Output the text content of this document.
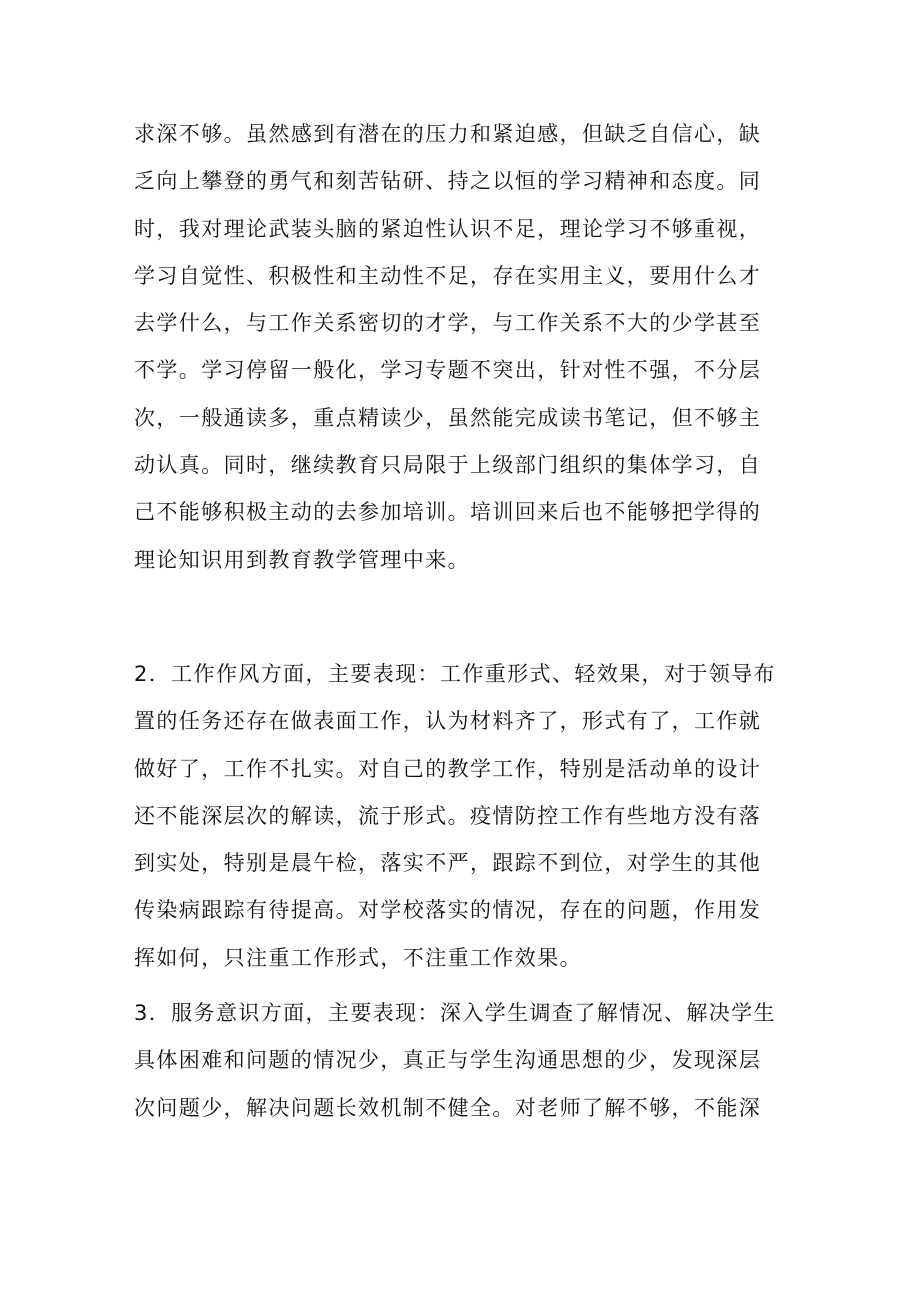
求深不够。虽然感到有潜在的压力和紧迫感，但缺乏自信心，缺
乏向上攀登的勇气和刻苦钻研、持之以恒的学习精神和态度。同
时，我对理论武装头脑的紧迫性认识不足，理论学习不够重视，
学习自觉性、积极性和主动性不足，存在实用主义，要用什么才
去学什么，与工作关系密切的才学，与工作关系不大的少学甚至
不学。学习停留一般化，学习专题不突出，针对性不强，不分层
次，一般通读多，重点精读少，虽然能完成读书笔记，但不够主
动认真。同时，继续教育只局限于上级部门组织的集体学习，自
己不能够积极主动的去参加培训。培训回来后也不能够把学得的
理论知识用到教育教学管理中来。
2．工作作风方面，主要表现：工作重形式、轻效果，对于领导布
置的任务还存在做表面工作，认为材料齐了，形式有了，工作就
做好了，工作不扎实。对自己的教学工作，特别是活动单的设计
还不能深层次的解读，流于形式。疫情防控工作有些地方没有落
到实处，特别是晨午检，落实不严，跟踪不到位，对学生的其他
传染病跟踪有待提高。对学校落实的情况，存在的问题，作用发
挥如何，只注重工作形式，不注重工作效果。
3．服务意识方面，主要表现：深入学生调查了解情况、解决学生
具体困难和问题的情况少，真正与学生沟通思想的少，发现深层
次问题少，解决问题长效机制不健全。对老师了解不够，不能深
